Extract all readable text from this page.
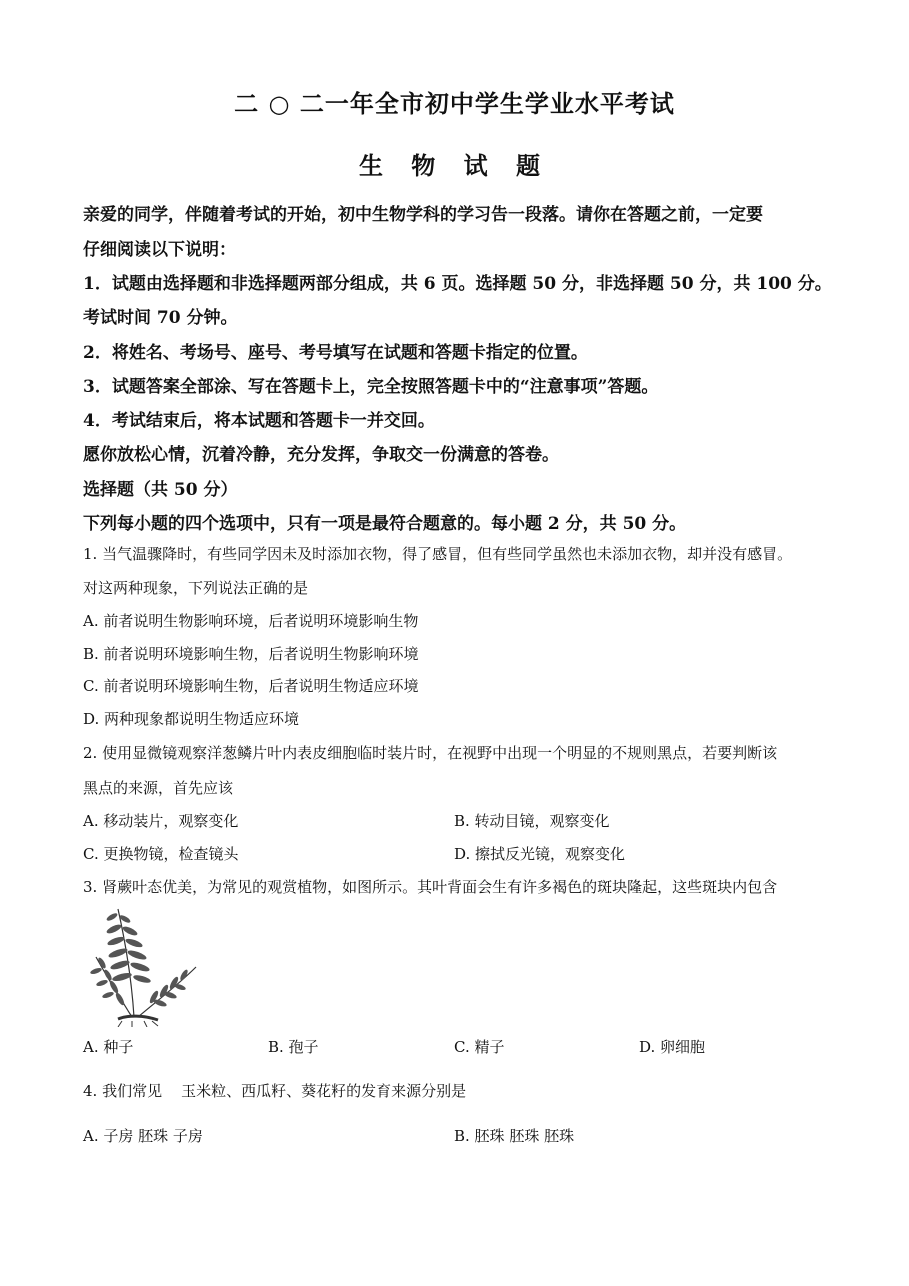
二 ○ 二一年全市初中学生学业水平考试
生 物 试 题
亲爱的同学，伴随着考试的开始，初中生物学科的学习告一段落。请你在答题之前，一定要
仔细阅读以下说明：
1．试题由选择题和非选择题两部分组成，共 6 页。选择题 50 分，非选择题 50 分，共 100 分。
考试时间 70 分钟。
2．将姓名、考场号、座号、考号填写在试题和答题卡指定的位置。
3．试题答案全部涂、写在答题卡上，完全按照答题卡中的“注意事项”答题。
4．考试结束后，将本试题和答题卡一并交回。
愿你放松心情，沉着冷静，充分发挥，争取交一份满意的答卷。
选择题（共 50 分）
下列每小题的四个选项中，只有一项是最符合题意的。每小题 2 分，共 50 分。
1. 当气温骤降时，有些同学因未及时添加衣物，得了感冒，但有些同学虽然也未添加衣物，却并没有感冒。
对这两种现象，下列说法正确的是
A. 前者说明生物影响环境，后者说明环境影响生物
B. 前者说明环境影响生物，后者说明生物影响环境
C. 前者说明环境影响生物，后者说明生物适应环境
D. 两种现象都说明生物适应环境
2. 使用显微镜观察洋葱鳞片叶内表皮细胞临时装片时，在视野中出现一个明显的不规则黑点，若要判断该
黑点的来源，首先应该
A. 移动装片，观察变化	B. 转动目镜，观察变化
C. 更换物镜，检查镜头	D. 擦拭反光镜，观察变化
3. 肾蕨叶态优美，为常见的观赏植物，如图所示。其叶背面会生有许多褐色的斑块隆起，这些斑块内包含
A. 种子	B. 孢子	C. 精子	D. 卵细胞
4. 我们常见    玉米粒、西瓜籽、葵花籽的发育来源分别是
A. 子房 胚珠 子房	B. 胚珠 胚珠 胚珠
